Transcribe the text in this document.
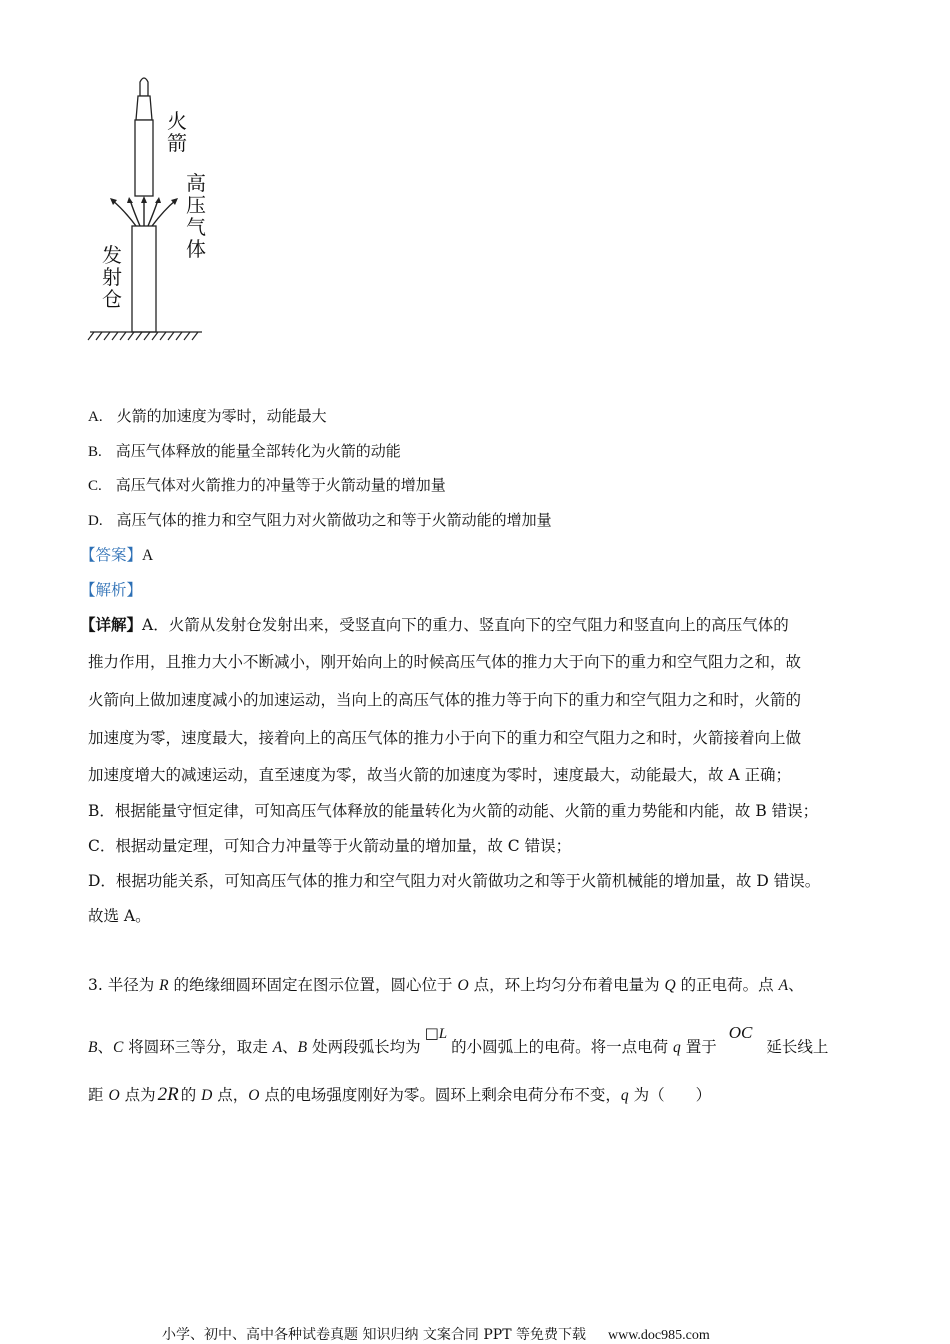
火箭
高压气体
发射仓
A. 火箭的加速度为零时，动能最大
B. 高压气体释放的能量全部转化为火箭的动能
C. 高压气体对火箭推力的冲量等于火箭动量的增加量
D. 高压气体的推力和空气阻力对火箭做功之和等于火箭动能的增加量
【答案】A
【解析】
【详解】A．火箭从发射仓发射出来，受竖直向下的重力、竖直向下的空气阻力和竖直向上的高压气体的
推力作用，且推力大小不断减小，刚开始向上的时候高压气体的推力大于向下的重力和空气阻力之和，故
火箭向上做加速度减小的加速运动，当向上的高压气体的推力等于向下的重力和空气阻力之和时，火箭的
加速度为零，速度最大，接着向上的高压气体的推力小于向下的重力和空气阻力之和时，火箭接着向上做
加速度增大的减速运动，直至速度为零，故当火箭的加速度为零时，速度最大，动能最大，故 A 正确；
B．根据能量守恒定律，可知高压气体释放的能量转化为火箭的动能、火箭的重力势能和内能，故 B 错误；
C．根据动量定理，可知合力冲量等于火箭动量的增加量，故 C 错误；
D．根据功能关系，可知高压气体的推力和空气阻力对火箭做功之和等于火箭机械能的增加量，故 D 错误。
故选 A。
3. 半径为 R 的绝缘细圆环固定在图示位置，圆心位于 O 点，环上均匀分布着电量为 Q 的正电荷。点 A、
B、C 将圆环三等分，取走 A、B 处两段弧长均为□L的小圆弧上的电荷。将一点电荷 q 置于OC延长线上
距 O 点为 2R 的 D 点，O 点的电场强度刚好为零。圆环上剩余电荷分布不变，q 为（　　）
小学、初中、高中各种试卷真题 知识归纳 文案合同 PPT 等免费下载 www.doc985.com
